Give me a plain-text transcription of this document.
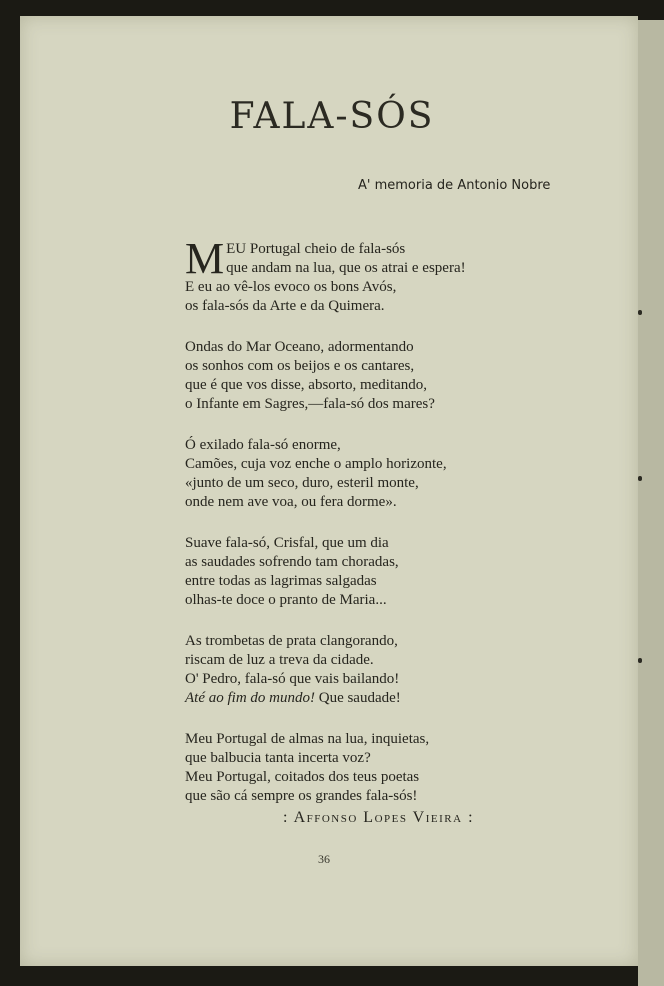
FALA-SÓS
A' memoria de Antonio Nobre
M EU Portugal cheio de fala-sós
que andam na lua, que os atrai e espera!
E eu ao vê-los evoco os bons Avós,
os fala-sós da Arte e da Quimera.
Ondas do Mar Oceano, adormentando
os sonhos com os beijos e os cantares,
que é que vos disse, absorto, meditando,
o Infante em Sagres,—fala-só dos mares?
Ó exilado fala-só enorme,
Camões, cuja voz enche o amplo horizonte,
«junto de um seco, duro, esteril monte,
onde nem ave voa, ou fera dorme».
Suave fala-só, Crisfal, que um dia
as saudades sofrendo tam choradas,
entre todas as lagrimas salgadas
olhas-te doce o pranto de Maria...
As trombetas de prata clangorando,
riscam de luz a treva da cidade.
O' Pedro, fala-só que vais bailando!
Até ao fim do mundo! Que saudade!
Meu Portugal de almas na lua, inquietas,
que balbucia tanta incerta voz?
Meu Portugal, coitados dos teus poetas
que são cá sempre os grandes fala-sós!
: Affonso Lopes Vieira :
36
